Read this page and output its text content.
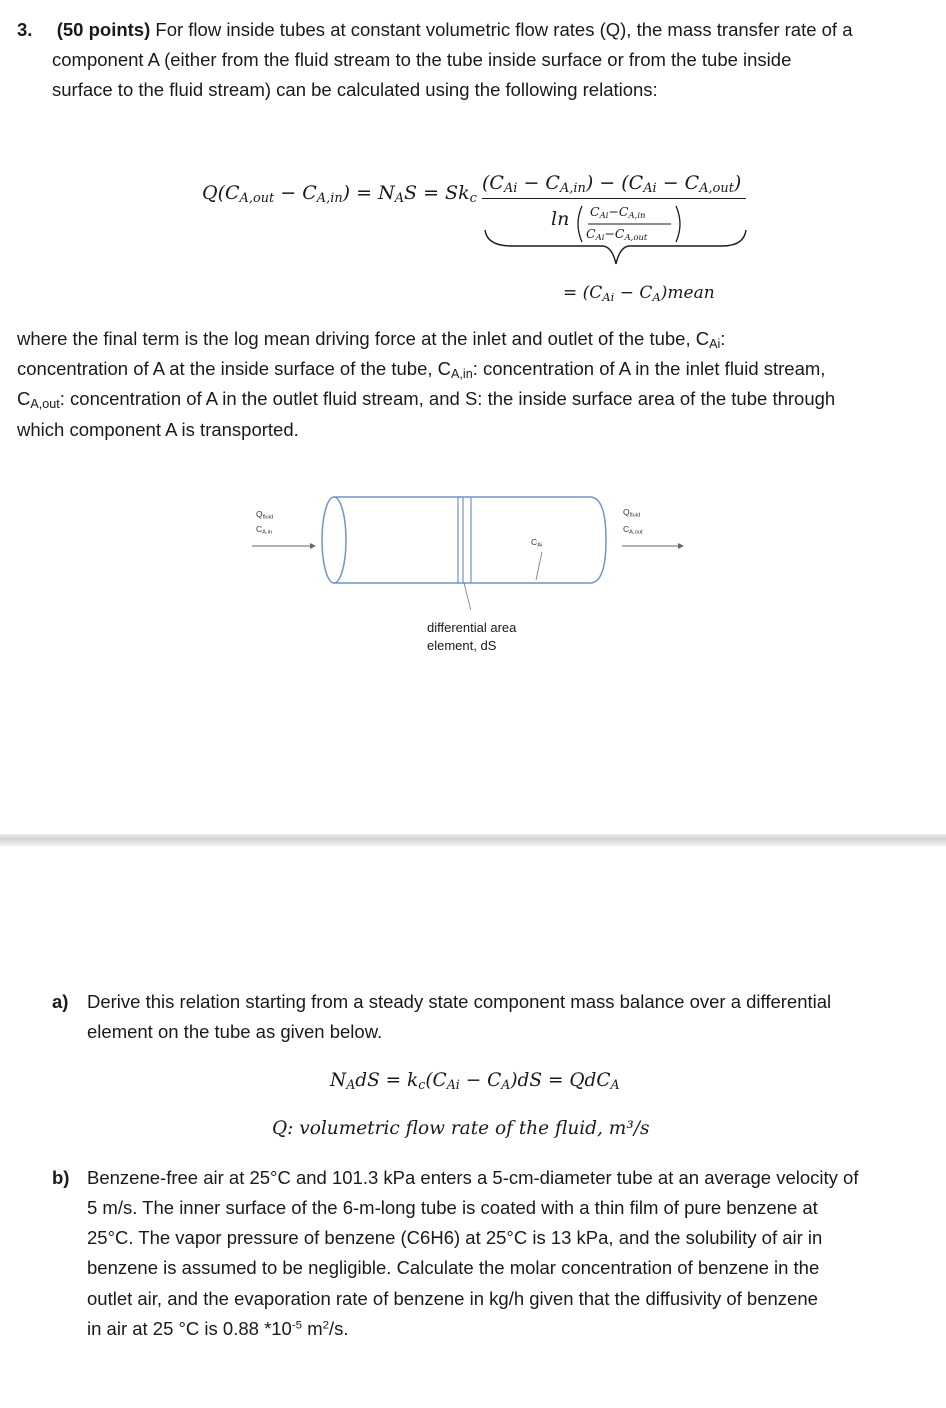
3. (50 points) For flow inside tubes at constant volumetric flow rates (Q), the mass transfer rate of a
component A (either from the fluid stream to the tube inside surface or from the tube inside
surface to the fluid stream) can be calculated using the following relations:
$Q(C_{A,out} - C_{A,in}) = N_AS = Sk_c$
$(C_{Ai} - C_{A,in}) - (C_{Ai} - C_{A,out})$
$\ln C_{Ai}-C_{A,in}$
$C_{Ai}-C_{A,out}$
= ($C_{Ai}$ − $C_A)mean$
where the final term is the log mean driving force at the inlet and outlet of the tube, $C_{Ai}$:
concentration of A at the inside surface of the tube, $C_{A,in}$: concentration of A in the inlet fluid stream,
$C_{A,out}$: concentration of A in the outlet fluid stream, and S: the inside surface area of the tube through
which component A is transported.
$Q_{fluid}$
$C_{A,in}$
$C_{Ai}$
$Q_{fluid}$
$C_{A,out}$
differential area
element, dS
a) Derive this relation starting from a steady state component mass balance over a differential
element on the tube as given below.
$N_AdS = k_c(C_{Ai} - C_A)dS = QdC_A$
Q: volumetric flow rate of the fluid, m³/s
b) Benzene-free air at 25°C and 101.3 kPa enters a 5-cm-diameter tube at an average velocity of
5 m/s. The inner surface of the 6-m-long tube is coated with a thin film of pure benzene at
25°C. The vapor pressure of benzene (C6H6) at 25°C is 13 kPa, and the solubility of air in
benzene is assumed to be negligible. Calculate the molar concentration of benzene in the
outlet air, and the evaporation rate of benzene in kg/h given that the diffusivity of benzene
in air at 25 °C is 0.88 $*10^{-5}$ $m^2/s$.
